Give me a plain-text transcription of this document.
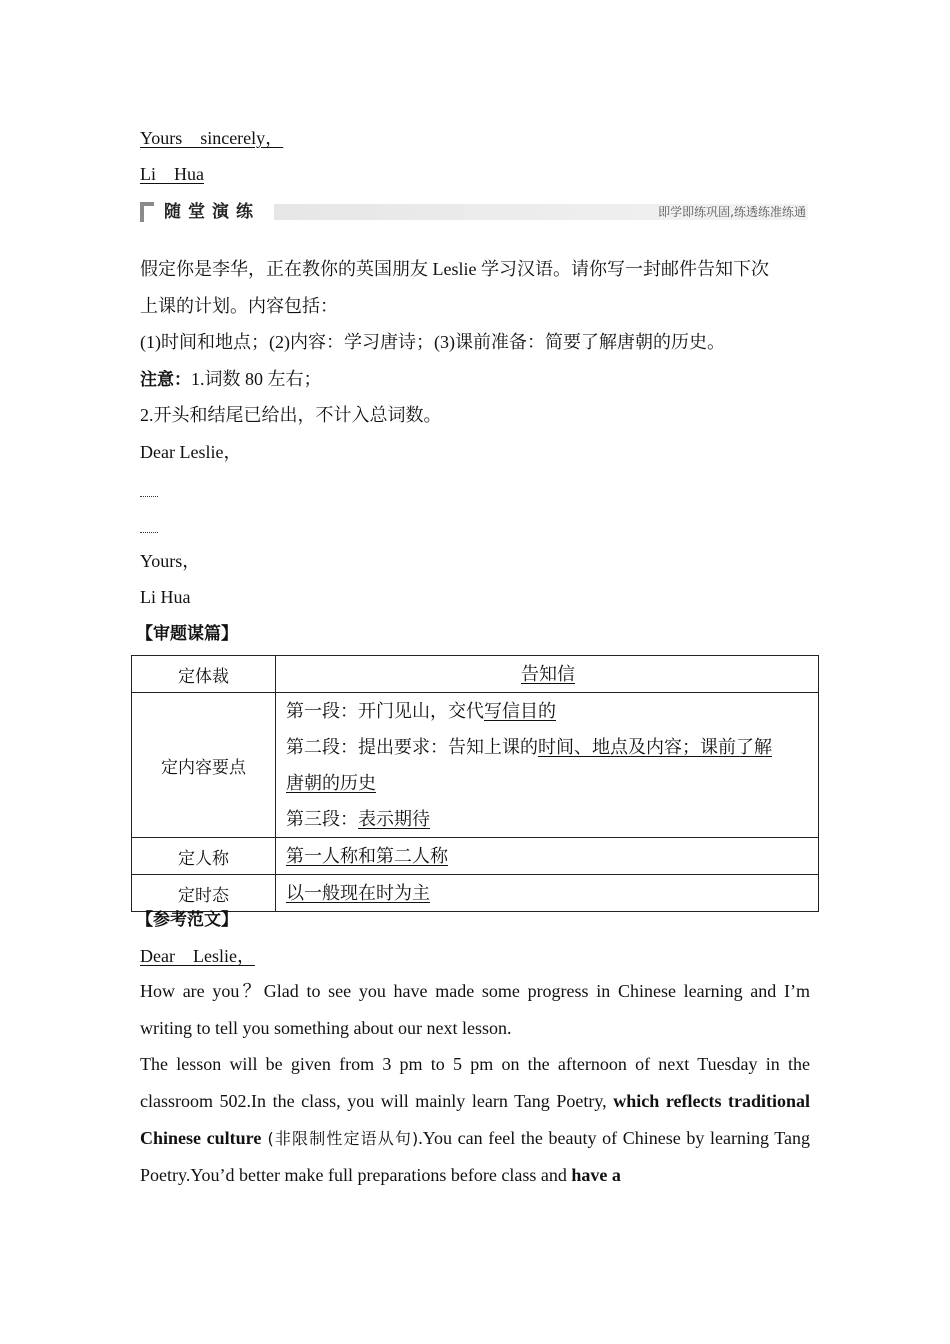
Yours　sincerely，
Li　Hua
随堂演练	即学即练巩固,练透练准练通
假定你是李华，正在教你的英国朋友 Leslie 学习汉语。请你写一封邮件告知下次
上课的计划。内容包括：
(1)时间和地点；(2)内容：学习唐诗；(3)课前准备：简要了解唐朝的历史。
注意：1.词数 80 左右；
2.开头和结尾已给出，不计入总词数。
Dear Leslie，
Yours，
Li Hua
【审题谋篇】
定体裁	告知信
定内容要点	第一段：开门见山，交代写信目的
第二段：提出要求：告知上课的时间、地点及内容；课前了解
唐朝的历史
第三段：表示期待

定人称	第一人称和第二人称
定时态	以一般现在时为主
【参考范文】
Dear　Leslie，
How are you？Glad to see you have made some progress in Chinese learning and I’m writing to tell you something about our next lesson.
The lesson will be given from 3 pm to 5 pm on the afternoon of next Tuesday in the classroom 502.In the class, you will mainly learn Tang Poetry, which reflects traditional Chinese culture (非限制性定语从句).You can feel the beauty of Chinese by learning Tang Poetry.You’d better make full preparations before class and have a
